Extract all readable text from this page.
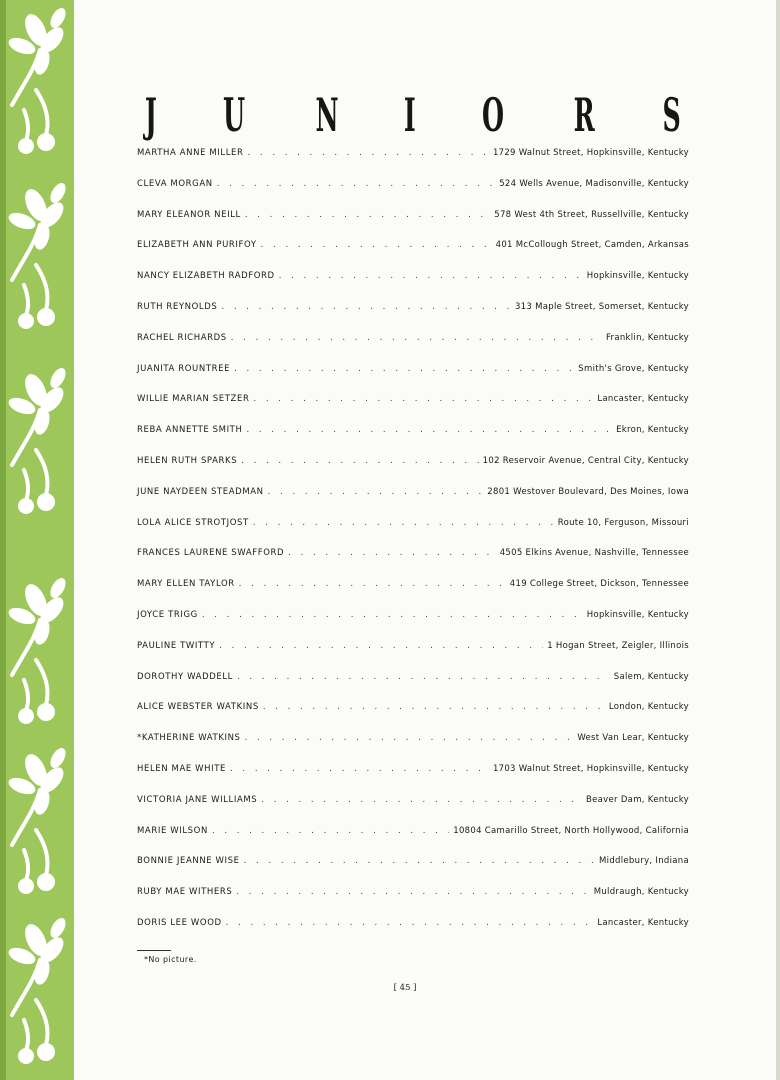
J U N I O R S
MARTHA ANNE MILLER . . .	1729 Walnut Street, Hopkinsville, Kentucky
CLEVA MORGAN . . .	524 Wells Avenue, Madisonville, Kentucky
MARY ELEANOR NEILL . . .	578 West 4th Street, Russellville, Kentucky
ELIZABETH ANN PURIFOY . . .	401 McCollough Street, Camden, Arkansas
NANCY ELIZABETH RADFORD . . .	Hopkinsville, Kentucky
RUTH REYNOLDS . . .	313 Maple Street, Somerset, Kentucky
RACHEL RICHARDS . . .	Franklin, Kentucky
JUANITA ROUNTREE . . .	Smith's Grove, Kentucky
WILLIE MARIAN SETZER . . .	Lancaster, Kentucky
REBA ANNETTE SMITH . . .	Ekron, Kentucky
HELEN RUTH SPARKS . . .	102 Reservoir Avenue, Central City, Kentucky
JUNE NAYDEEN STEADMAN . . .	2801 Westover Boulevard, Des Moines, Iowa
LOLA ALICE STROTJOST . . .	Route 10, Ferguson, Missouri
FRANCES LAURENE SWAFFORD . . .	4505 Elkins Avenue, Nashville, Tennessee
MARY ELLEN TAYLOR . . .	419 College Street, Dickson, Tennessee
JOYCE TRIGG . . .	Hopkinsville, Kentucky
PAULINE TWITTY . . .	1 Hogan Street, Zeigler, Illinois
DOROTHY WADDELL . . .	Salem, Kentucky
ALICE WEBSTER WATKINS . . .	London, Kentucky
*KATHERINE WATKINS . . .	West Van Lear, Kentucky
HELEN MAE WHITE . . .	1703 Walnut Street, Hopkinsville, Kentucky
VICTORIA JANE WILLIAMS . . .	Beaver Dam, Kentucky
MARIE WILSON . . .	10804 Camarillo Street, North Hollywood, California
BONNIE JEANNE WISE . . .	Middlebury, Indiana
RUBY MAE WITHERS . . .	Muldraugh, Kentucky
DORIS LEE WOOD . . .	Lancaster, Kentucky
*No picture.
[ 45 ]
